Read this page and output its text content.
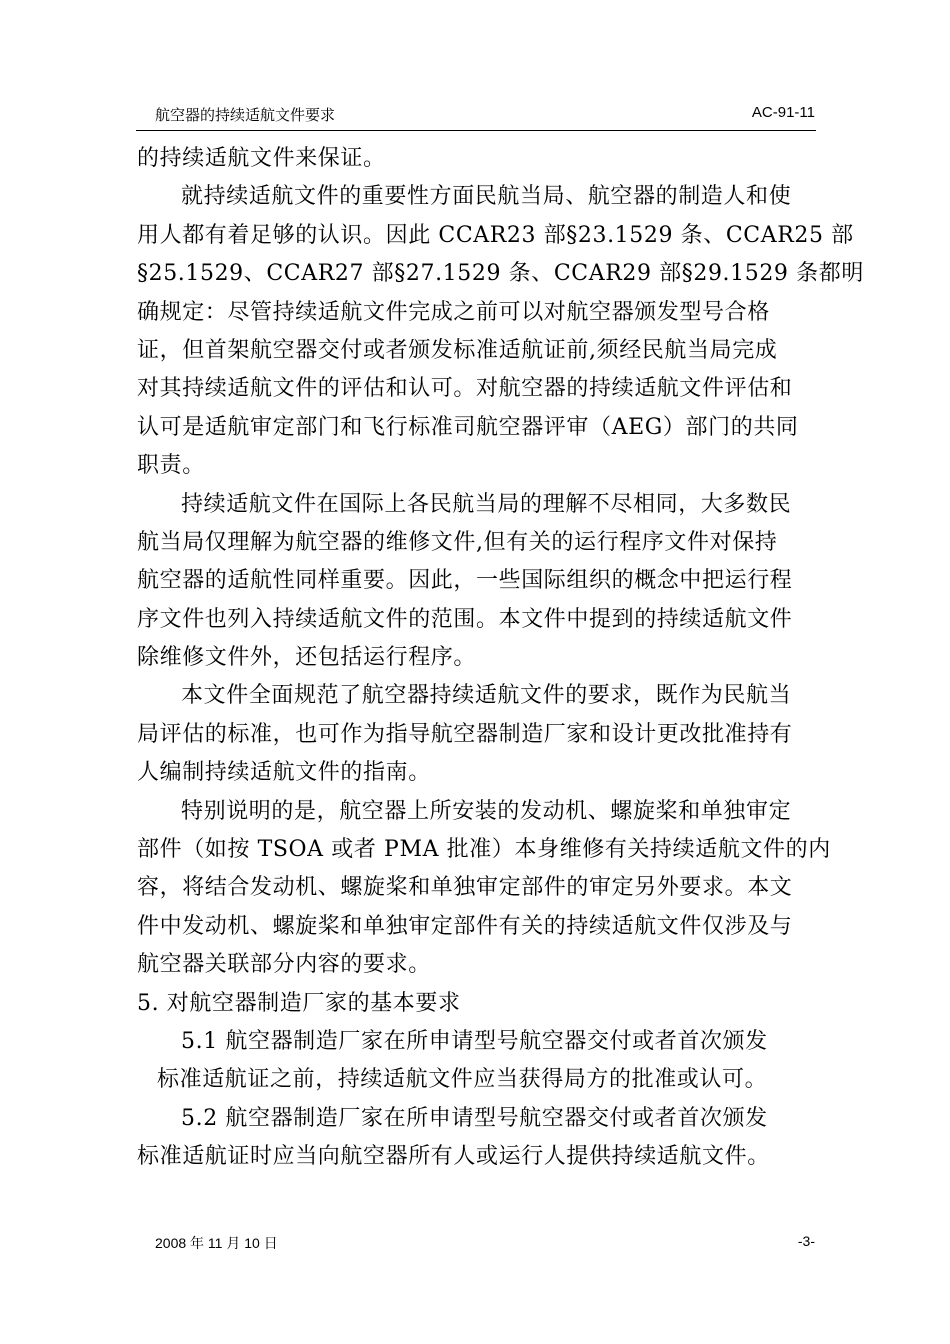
航空器的持续适航文件要求	AC-91-11
的持续适航文件来保证。
就持续适航文件的重要性方面民航当局、航空器的制造人和使
用人都有着足够的认识。因此 CCAR23 部§23.1529 条、CCAR25 部
§25.1529、CCAR27 部§27.1529 条、CCAR29 部§29.1529 条都明
确规定：尽管持续适航文件完成之前可以对航空器颁发型号合格
证，但首架航空器交付或者颁发标准适航证前,须经民航当局完成
对其持续适航文件的评估和认可。对航空器的持续适航文件评估和
认可是适航审定部门和飞行标准司航空器评审（AEG）部门的共同
职责。
持续适航文件在国际上各民航当局的理解不尽相同，大多数民
航当局仅理解为航空器的维修文件,但有关的运行程序文件对保持
航空器的适航性同样重要。因此，一些国际组织的概念中把运行程
序文件也列入持续适航文件的范围。本文件中提到的持续适航文件
除维修文件外，还包括运行程序。
本文件全面规范了航空器持续适航文件的要求，既作为民航当
局评估的标准，也可作为指导航空器制造厂家和设计更改批准持有
人编制持续适航文件的指南。
特别说明的是，航空器上所安装的发动机、螺旋桨和单独审定
部件（如按 TSOA 或者 PMA 批准）本身维修有关持续适航文件的内
容，将结合发动机、螺旋桨和单独审定部件的审定另外要求。本文
件中发动机、螺旋桨和单独审定部件有关的持续适航文件仅涉及与
航空器关联部分内容的要求。
5. 对航空器制造厂家的基本要求
5.1 航空器制造厂家在所申请型号航空器交付或者首次颁发
标准适航证之前，持续适航文件应当获得局方的批准或认可。
5.2 航空器制造厂家在所申请型号航空器交付或者首次颁发
标准适航证时应当向航空器所有人或运行人提供持续适航文件。
2008 年 11 月 10 日	-3-
